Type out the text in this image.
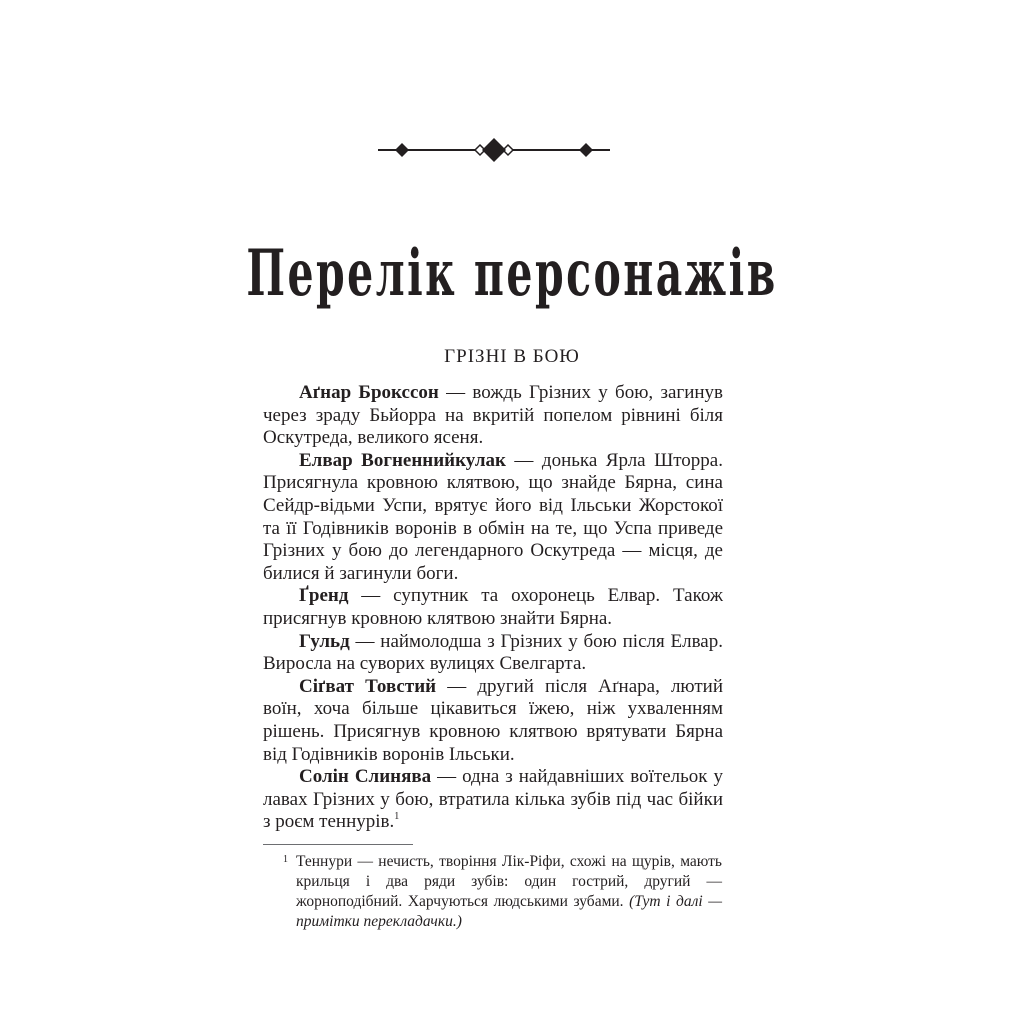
Перелік персонажів
ГРІЗНІ В БОЮ

Аґнар Броксcон — вождь Грізних у бою, загинув через зраду Бьйорра на вкритій попелом рівнині біля Оскутреда, великого ясеня.

Елвар Вогненнийкулак — донька Ярла Шторра. Присягнула кровною клятвою, що знайде Бярна, сина Сейдр-відьми Успи, врятує його від Ільськи Жорстокої та її Годівників воронів в обмін на те, що Успа приведе Грізних у бою до легендарного Оскутреда — місця, де билися й загинули боги.

Ґренд — супутник та охоронець Елвар. Також присягнув кровною клятвою знайти Бярна.

Гульд — наймолодша з Грізних у бою після Елвар. Виросла на суворих вулицях Свелгарта.

Сіґват Товстий — другий після Аґнара, лютий воїн, хоча більше цікавиться їжею, ніж ухваленням рішень. Присягнув кровною клятвою врятувати Бярна від Годівників воронів Ільськи.

Солін Слинява — одна з найдавніших воїтельок у лавах Грізних у бою, втратила кілька зубів під час бійки з роєм теннурів.$^1$

1 Теннури — нечисть, творіння Лік-Ріфи, схожі на щурів, мають крильця і два ряди зубів: один гострий, другий — жорноподібний. Харчуються людськими зубами. (Тут і далі — примітки перекладачки.)
